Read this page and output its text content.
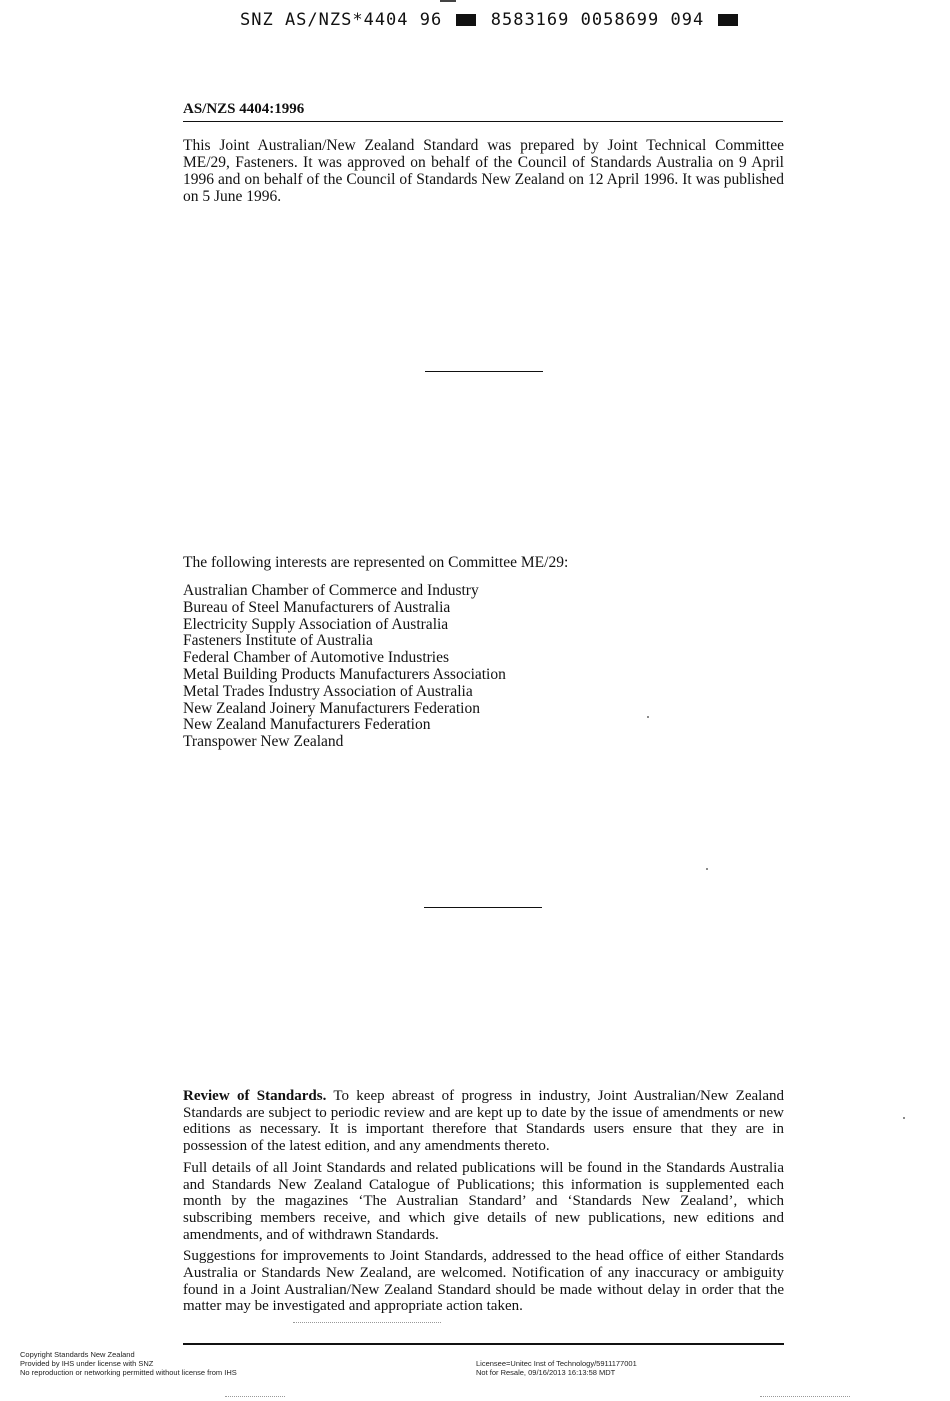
SNZ AS/NZS*4404 96	8583169 0058699 094
AS/NZS 4404:1996

This Joint Australian/New Zealand Standard was prepared by Joint Technical Committee ME/29, Fasteners. It was approved on behalf of the Council of Standards Australia on 9 April 1996 and on behalf of the Council of Standards New Zealand on 12 April 1996. It was published on 5 June 1996.

The following interests are represented on Committee ME/29:

Australian Chamber of Commerce and Industry
Bureau of Steel Manufacturers of Australia
Electricity Supply Association of Australia
Fasteners Institute of Australia
Federal Chamber of Automotive Industries
Metal Building Products Manufacturers Association
Metal Trades Industry Association of Australia
New Zealand Joinery Manufacturers Federation
New Zealand Manufacturers Federation
Transpower New Zealand

Review of Standards. To keep abreast of progress in industry, Joint Australian/New Zealand Standards are subject to periodic review and are kept up to date by the issue of amendments or new editions as necessary. It is important therefore that Standards users ensure that they are in possession of the latest edition, and any amendments thereto.

Full details of all Joint Standards and related publications will be found in the Standards Australia and Standards New Zealand Catalogue of Publications; this information is supplemented each month by the magazines ‘The Australian Standard’ and ‘Standards New Zealand’, which subscribing members receive, and which give details of new publications, new editions and amendments, and of withdrawn Standards.

Suggestions for improvements to Joint Standards, addressed to the head office of either Standards Australia or Standards New Zealand, are welcomed. Notification of any inaccuracy or ambiguity found in a Joint Australian/New Zealand Standard should be made without delay in order that the matter may be investigated and appropriate action taken.

Copyright Standards New Zealand
Provided by IHS under license with SNZ
No reproduction or networking permitted without license from IHS
Licensee=Unitec Inst of Technology/5911177001
Not for Resale, 09/16/2013 16:13:58 MDT
